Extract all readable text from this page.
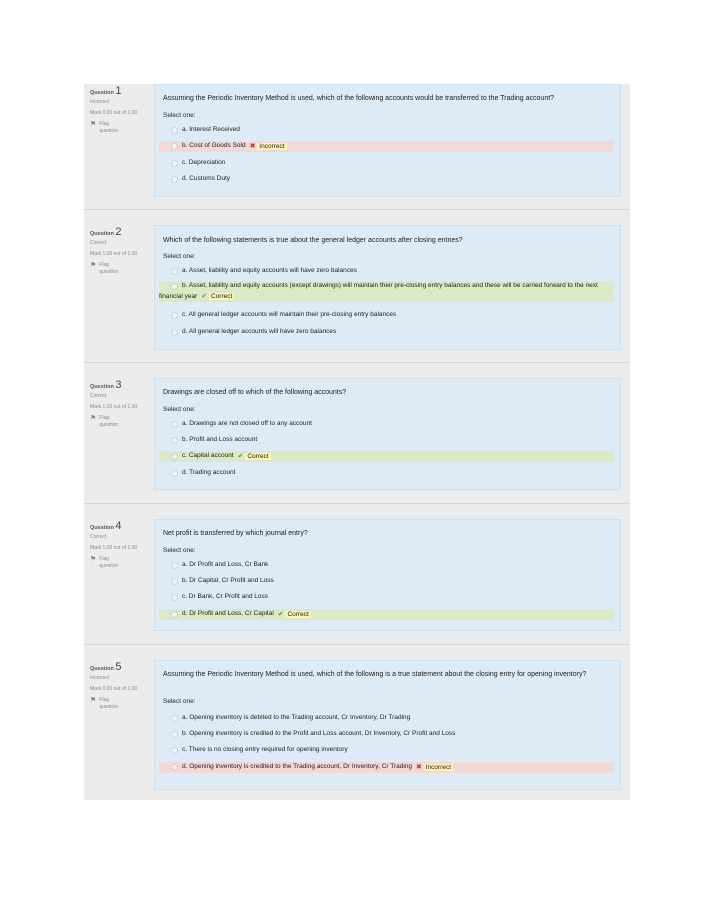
Question 1
Incorrect
Mark 0.00 out of 1.00
⚑ Flag question
Assuming the Periodic Inventory Method is used, which of the following accounts would be transferred to the Trading account?
Select one:
a. Interest Received
b. Cost of Goods Sold ✖ Incorrect
c. Depreciation
d. Customs Duty
Question 2
Correct
Mark 1.00 out of 1.00
⚑ Flag question
Which of the following statements is true about the general ledger accounts after closing entries?
Select one:
a. Asset, liability and equity accounts will have zero balances
b. Asset, liability and equity accounts (except drawings) will maintain their pre-closing entry balances and these will be carried forward to the next financial year ✔ Correct
c. All general ledger accounts will maintain their pre-closing entry balances
d. All general ledger accounts will have zero balances
Question 3
Correct
Mark 1.00 out of 1.00
⚑ Flag question
Drawings are closed off to which of the following accounts?
Select one:
a. Drawings are not closed off to any account
b. Profit and Loss account
c. Capital account ✔ Correct
d. Trading account
Question 4
Correct
Mark 1.00 out of 1.00
⚑ Flag question
Net profit is transferred by which journal entry?
Select one:
a. Dr Profit and Loss, Cr Bank
b. Dr Capital, Cr Profit and Loss
c. Dr Bank, Cr Profit and Loss
d. Dr Profit and Loss, Cr Capital ✔ Correct
Question 5
Incorrect
Mark 0.00 out of 1.00
⚑ Flag question
Assuming the Periodic Inventory Method is used, which of the following is a true statement about the closing entry for opening inventory?
Select one:
a. Opening inventory is debited to the Trading account, Cr Inventory, Dr Trading
b. Opening inventory is credited to the Profit and Loss account, Dr Inventory, Cr Profit and Loss
c. There is no closing entry required for opening inventory
d. Opening inventory is credited to the Trading account, Dr Inventory, Cr Trading ✖ Incorrect
